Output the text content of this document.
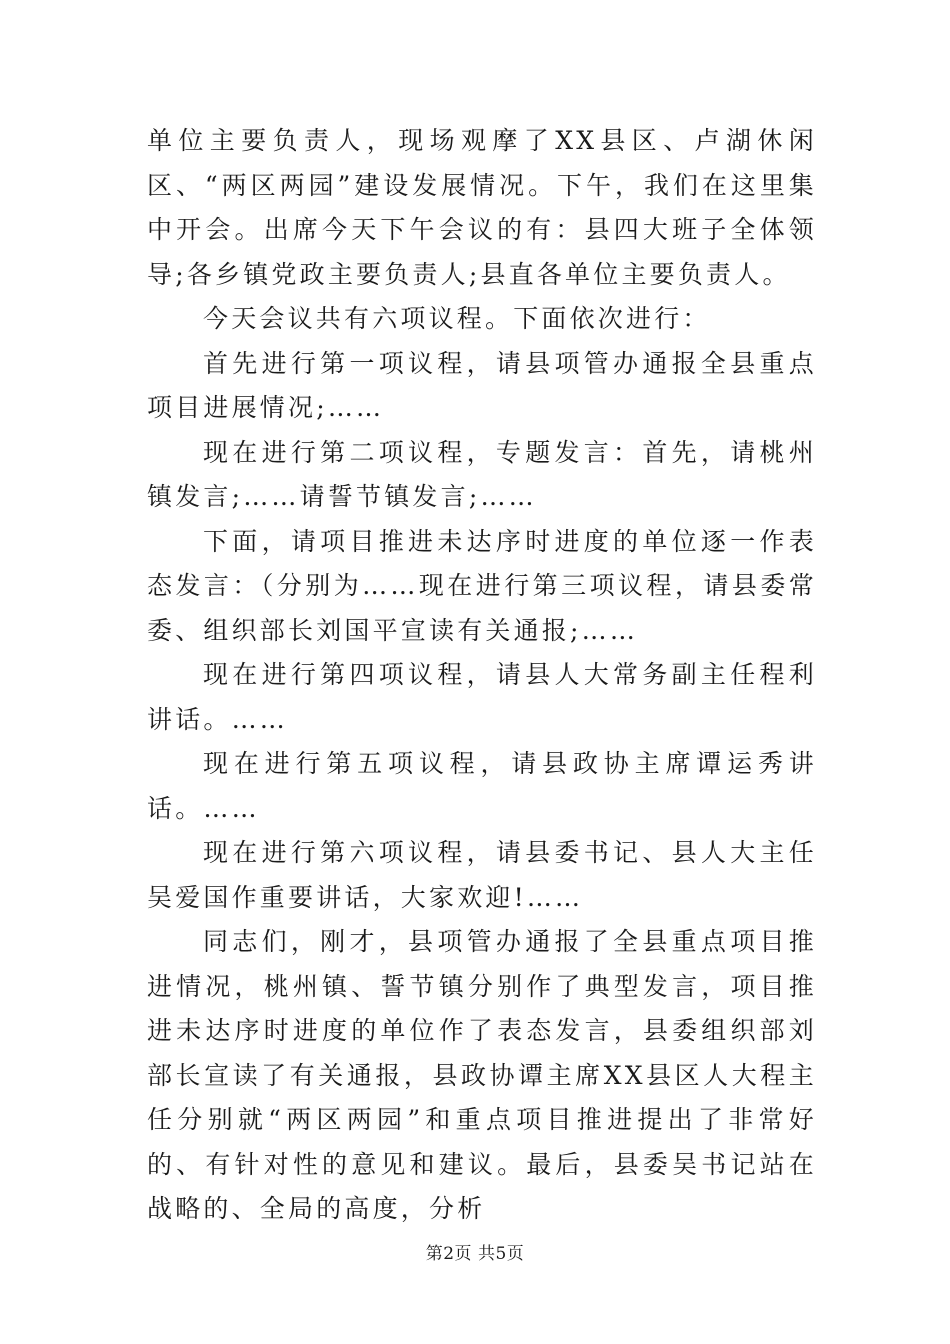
单位主要负责人，现场观摩了XX县区、卢湖休闲区、“两区两园”建设发展情况。下午，我们在这里集中开会。出席今天下午会议的有：县四大班子全体领导;各乡镇党政主要负责人;县直各单位主要负责人。

今天会议共有六项议程。下面依次进行：

首先进行第一项议程，请县项管办通报全县重点项目进展情况;……

现在进行第二项议程，专题发言：首先，请桃州镇发言;……请誓节镇发言;……

下面，请项目推进未达序时进度的单位逐一作表态发言：（分别为……现在进行第三项议程，请县委常委、组织部长刘国平宣读有关通报;……

现在进行第四项议程，请县人大常务副主任程利讲话。……

现在进行第五项议程，请县政协主席谭运秀讲话。……

现在进行第六项议程，请县委书记、县人大主任吴爱国作重要讲话，大家欢迎!……

同志们，刚才，县项管办通报了全县重点项目推进情况，桃州镇、誓节镇分别作了典型发言，项目推进未达序时进度的单位作了表态发言，县委组织部刘部长宣读了有关通报，县政协谭主席XX县区人大程主任分别就“两区两园”和重点项目推进提出了非常好的、有针对性的意见和建议。最后，县委吴书记站在战略的、全局的高度，分析

第2页 共5页
